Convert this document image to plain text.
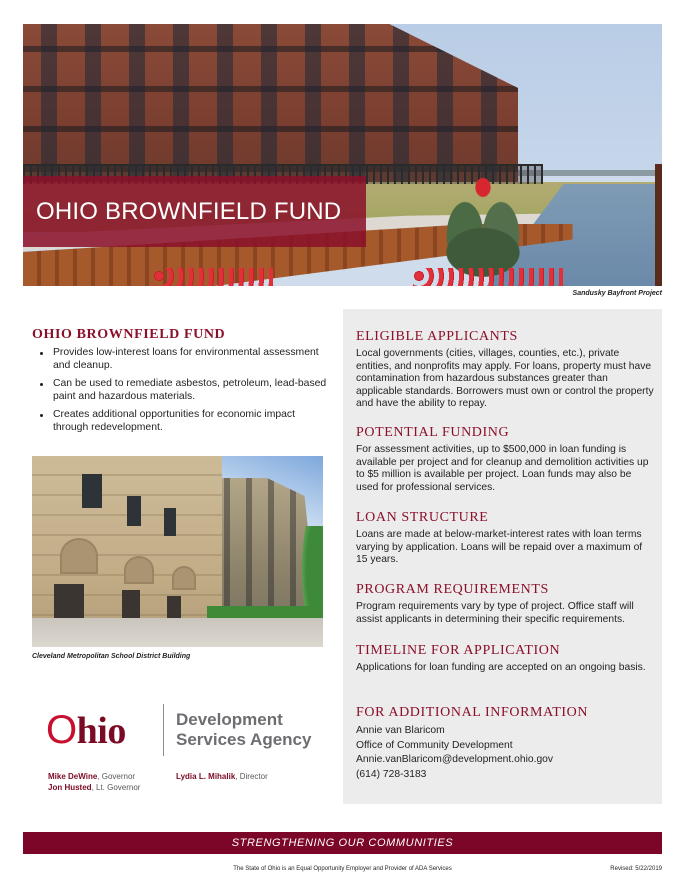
OHIO BROWNFIELD FUND
Sandusky Bayfront Project
OHIO BROWNFIELD FUND
Provides low-interest loans for environmental assessment and cleanup.
Can be used to remediate asbestos, petroleum, lead-based paint and hazardous materials.
Creates additional opportunities for economic impact through redevelopment.
Cleveland Metropolitan School District Building
Ohio	Development
Services Agency
Mike DeWine, Governor
Jon Husted, Lt. Governor
Lydia L. Mihalik, Director
ELIGIBLE APPLICANTS

Local governments (cities, villages, counties, etc.), private entities, and nonprofits may apply. For loans, property must have contamination from hazardous substances greater than applicable standards. Borrowers must own or control the property and have the ability to repay.

POTENTIAL FUNDING

For assessment activities, up to $500,000 in loan funding is available per project and for cleanup and demolition activities up to $5 million is available per project. Loan funds may also be used for professional services.

LOAN STRUCTURE

Loans are made at below-market-interest rates with loan terms varying by application. Loans will be repaid over a maximum of 15 years.

PROGRAM REQUIREMENTS

Program requirements vary by type of project. Office staff will assist applicants in determining their specific requirements.

TIMELINE FOR APPLICATION

Applications for loan funding are accepted on an ongoing basis.

FOR ADDITIONAL INFORMATION
Annie van Blaricom
Office of Community Development
Annie.vanBlaricom@development.ohio.gov
(614) 728-3183
STRENGTHENING OUR COMMUNITIES
The State of Ohio is an Equal Opportunity Employer and Provider of ADA Services	Revised: 5/22/2019
